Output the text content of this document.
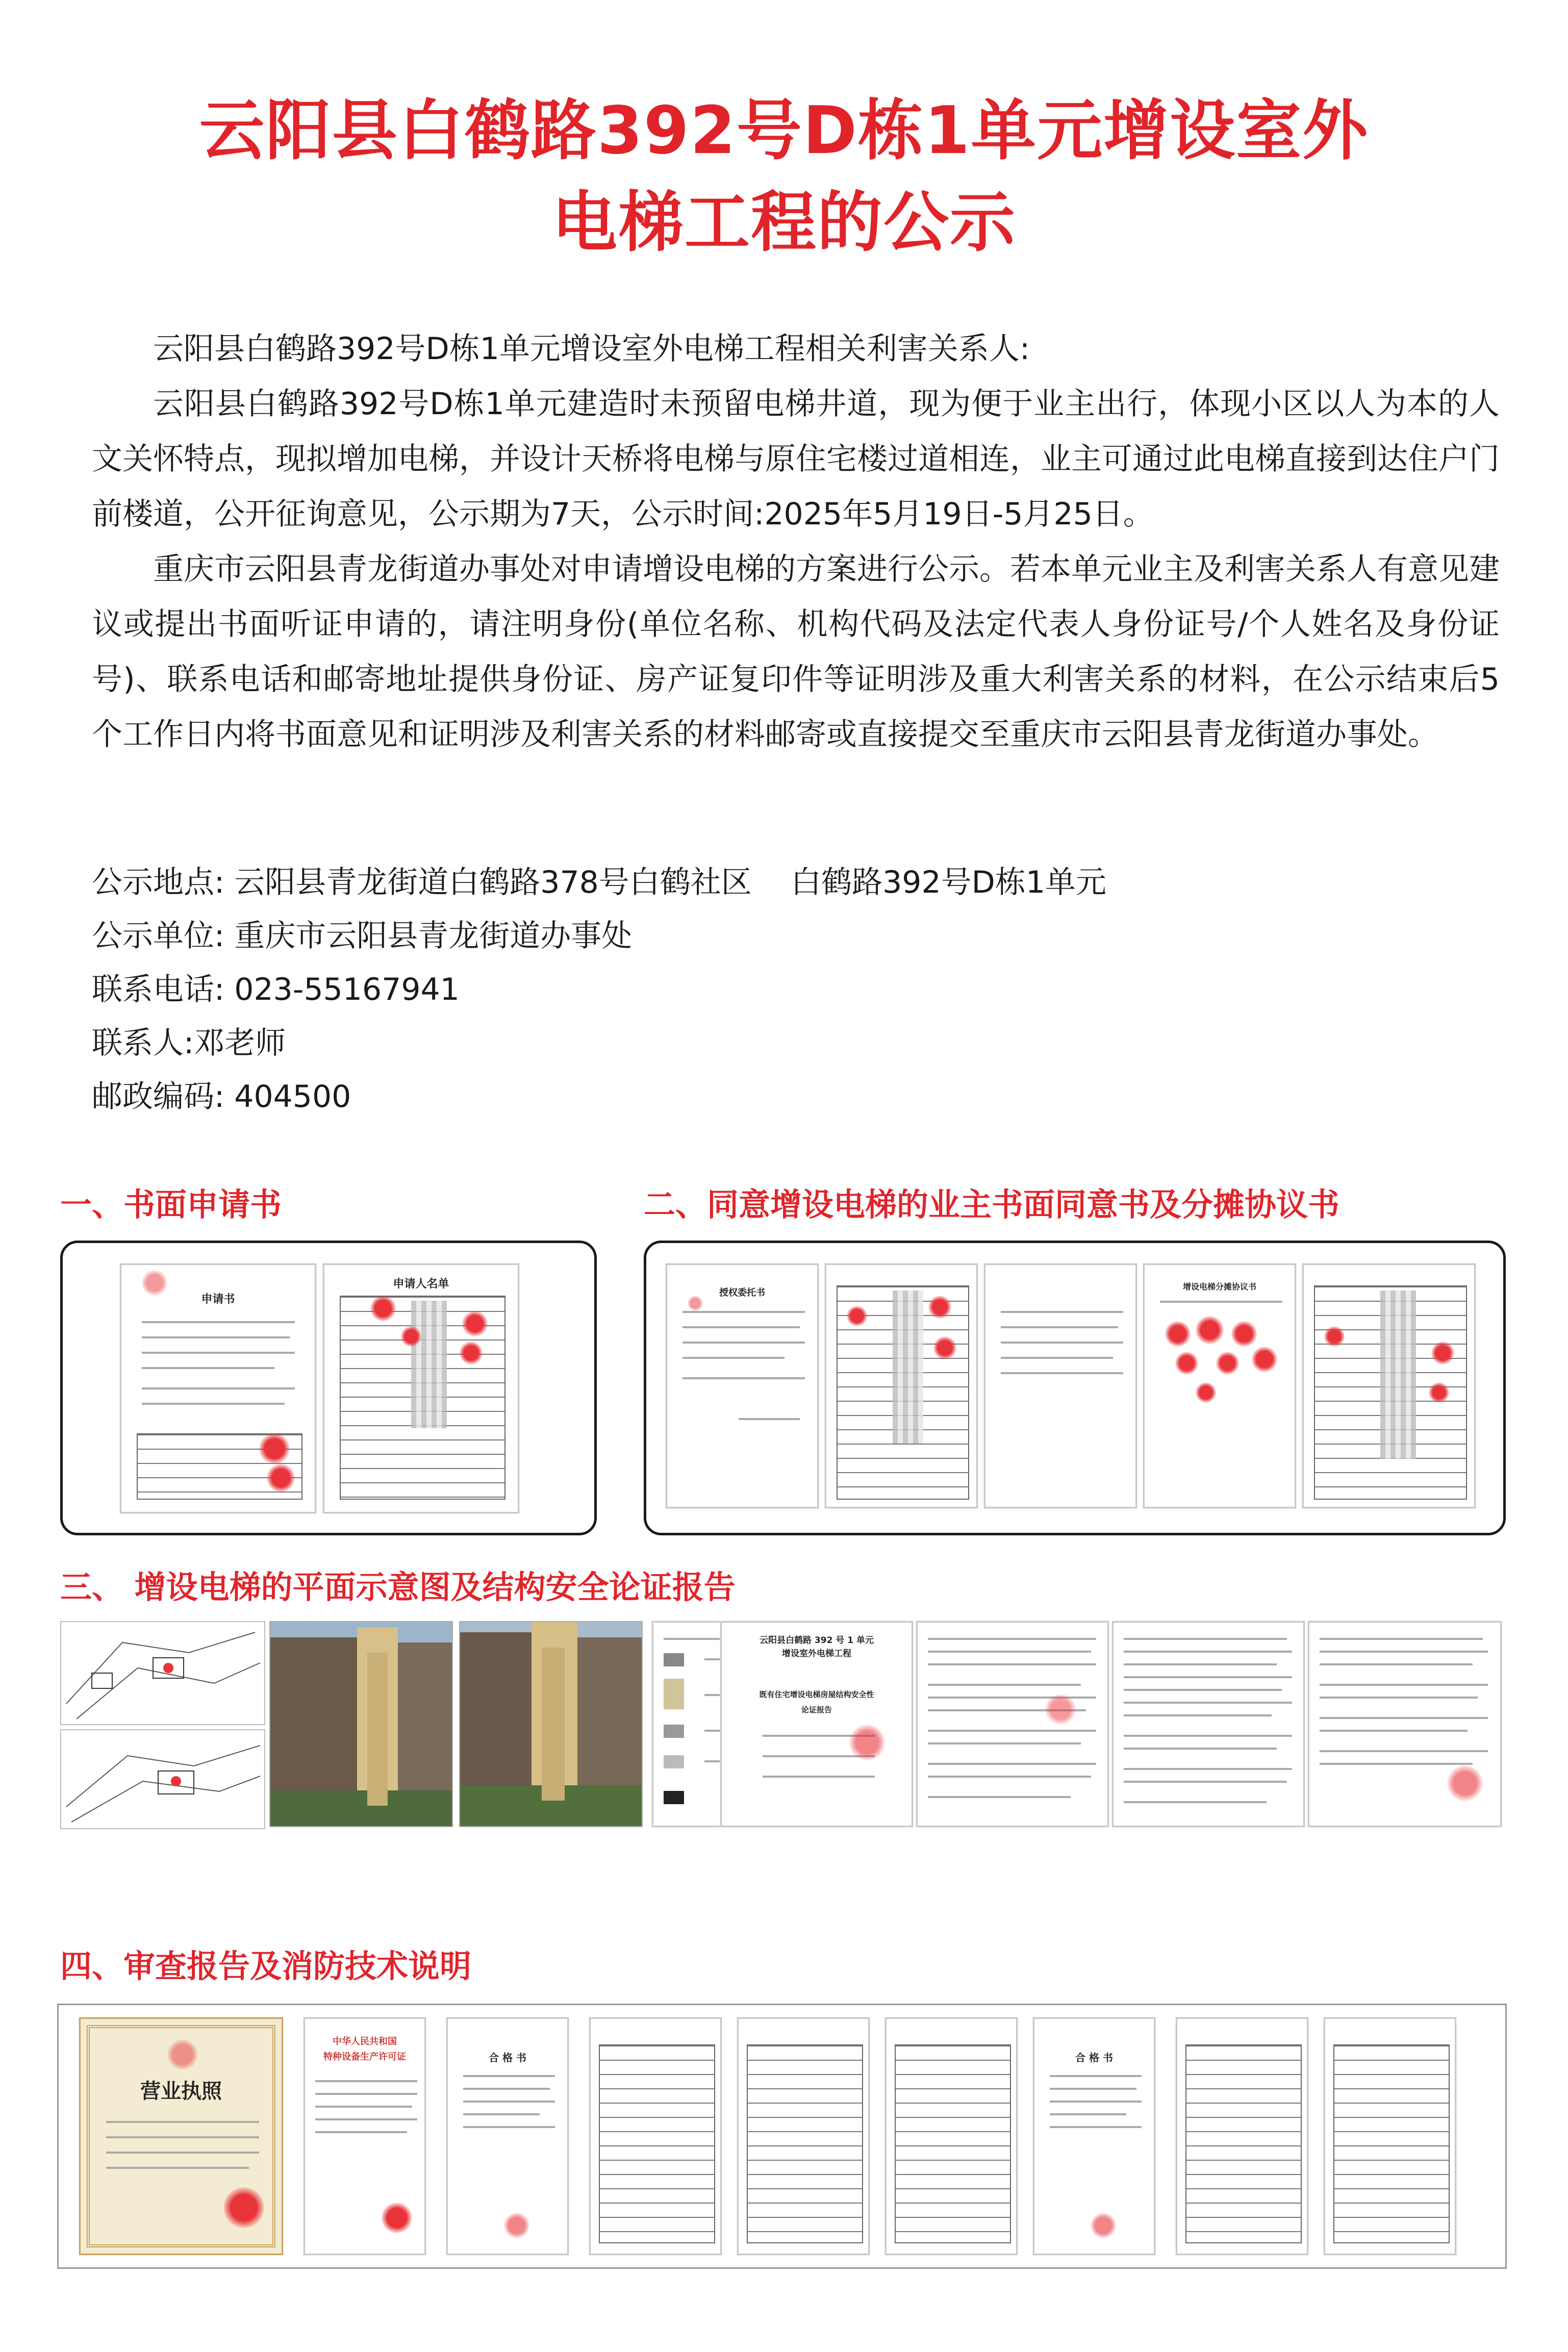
云阳县白鹤路392号D栋1单元增设室外
电梯工程的公示

云阳县白鹤路392号D栋1单元增设室外电梯工程相关利害关系人:

云阳县白鹤路392号D栋1单元建造时未预留电梯井道，现为便于业主出行，体现小区以人为本的人文关怀特点，现拟增加电梯，并设计天桥将电梯与原住宅楼过道相连，业主可通过此电梯直接到达住户门前楼道，公开征询意见，公示期为7天，公示时间:2025年5月19日-5月25日。

重庆市云阳县青龙街道办事处对申请增设电梯的方案进行公示。若本单元业主及利害关系人有意见建议或提出书面听证申请的，请注明身份(单位名称、机构代码及法定代表人身份证号/个人姓名及身份证号)、联系电话和邮寄地址提供身份证、房产证复印件等证明涉及重大利害关系的材料，在公示结束后5个工作日内将书面意见和证明涉及利害关系的材料邮寄或直接提交至重庆市云阳县青龙街道办事处。

公示地点: 云阳县青龙街道白鹤路378号白鹤社区    白鹤路392号D栋1单元
公示单位: 重庆市云阳县青龙街道办事处
联系电话: 023-55167941
联系人:邓老师
邮政编码: 404500
一、书面申请书	二、同意增设电梯的业主书面同意书及分摊协议书
申请书
申请人名单
授权委托书
增设电梯分摊协议书
三、 增设电梯的平面示意图及结构安全论证报告
云阳县白鹤路 392 号 1 单元
增设室外电梯工程
既有住宅增设电梯房屋结构安全性
论证报告
四、审查报告及消防技术说明
营业执照
中华人民共和国
特种设备生产许可证	合 格 书	合 格 书
